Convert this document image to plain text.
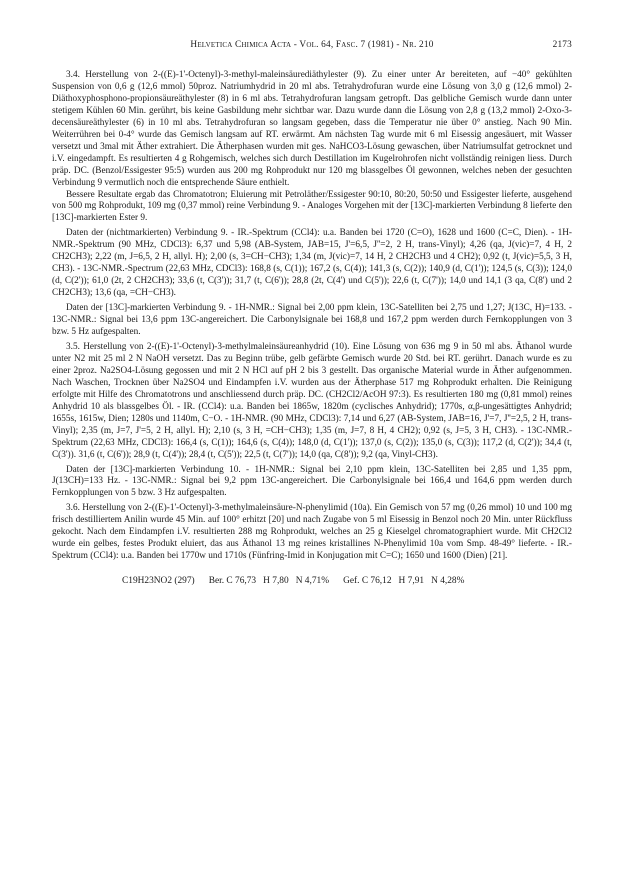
Helvetica Chimica Acta - Vol. 64, Fasc. 7 (1981) - Nr. 210	2173

3.4. Herstellung von 2-((E)-1'-Octenyl)-3-methyl-maleinsäurediäthylester (9). Zu einer unter Ar bereiteten, auf −40° gekühlten Suspension von 0,6 g (12,6 mmol) 50proz. Natriumhydrid in 20 ml abs. Tetrahydrofuran wurde eine Lösung von 3,0 g (12,6 mmol) 2-Diäthoxyphosphono-propionsäureäthylester (8) in 6 ml abs. Tetrahydrofuran langsam getropft. Das gelbliche Gemisch wurde dann unter stetigem Kühlen 60 Min. gerührt, bis keine Gasbildung mehr sichtbar war. Dazu wurde dann die Lösung von 2,8 g (13,2 mmol) 2-Oxo-3-decensäureäthylester (6) in 10 ml abs. Tetrahydrofuran so langsam gegeben, dass die Temperatur nie über 0° anstieg. Nach 90 Min. Weiterrühren bei 0-4° wurde das Gemisch langsam auf RT. erwärmt. Am nächsten Tag wurde mit 6 ml Eisessig angesäuert, mit Wasser versetzt und 3mal mit Äther extrahiert. Die Ätherphasen wurden mit ges. NaHCO3-Lösung gewaschen, über Natriumsulfat getrocknet und i.V. eingedampft. Es resultierten 4 g Rohgemisch, welches sich durch Destillation im Kugelrohrofen nicht vollständig reinigen liess. Durch präp. DC. (Benzol/Essigester 95:5) wurden aus 200 mg Rohprodukt nur 120 mg blassgelbes Öl gewonnen, welches neben der gesuchten Verbindung 9 vermutlich noch die entsprechende Säure enthielt.

Bessere Resultate ergab das Chromatotron; Eluierung mit Petroläther/Essigester 90:10, 80:20, 50:50 und Essigester lieferte, ausgehend von 500 mg Rohprodukt, 109 mg (0,37 mmol) reine Verbindung 9. - Analoges Vorgehen mit der [13C]-markierten Verbindung 8 lieferte den [13C]-markierten Ester 9.

Daten der (nichtmarkierten) Verbindung 9. - IR.-Spektrum (CCl4): u.a. Banden bei 1720 (C=O), 1628 und 1600 (C=C, Dien). - 1H-NMR.-Spektrum (90 MHz, CDCl3): 6,37 und 5,98 (AB-System, JAB=15, J'=6,5, J''=2, 2 H, trans-Vinyl); 4,26 (qa, J(vic)=7, 4 H, 2 CH2CH3); 2,22 (m, J=6,5, 2 H, allyl. H); 2,00 (s, 3=CH−CH3); 1,34 (m, J(vic)=7, 14 H, 2 CH2CH3 und 4 CH2); 0,92 (t, J(vic)=5,5, 3 H, CH3). - 13C-NMR.-Spectrum (22,63 MHz, CDCl3): 168,8 (s, C(1)); 167,2 (s, C(4)); 141,3 (s, C(2)); 140,9 (d, C(1')); 124,5 (s, C(3)); 124,0 (d, C(2')); 61,0 (2t, 2 CH2CH3); 33,6 (t, C(3')); 31,7 (t, C(6')); 28,8 (2t, C(4') und C(5')); 22,6 (t, C(7')); 14,0 und 14,1 (3 qa, C(8') und 2 CH2CH3); 13,6 (qa, =CH−CH3).

Daten der [13C]-markierten Verbindung 9. - 1H-NMR.: Signal bei 2,00 ppm klein, 13C-Satelliten bei 2,75 und 1,27; J(13C, H)=133. - 13C-NMR.: Signal bei 13,6 ppm 13C-angereichert. Die Carbonylsignale bei 168,8 und 167,2 ppm werden durch Fernkopplungen von 3 bzw. 5 Hz aufgespalten.

3.5. Herstellung von 2-((E)-1'-Octenyl)-3-methylmaleinsäureanhydrid (10). Eine Lösung von 636 mg 9 in 50 ml abs. Äthanol wurde unter N2 mit 25 ml 2 N NaOH versetzt. Das zu Beginn trübe, gelb gefärbte Gemisch wurde 20 Std. bei RT. gerührt. Danach wurde es zu einer 2proz. Na2SO4-Lösung gegossen und mit 2 N HCl auf pH 2 bis 3 gestellt. Das organische Material wurde in Äther aufgenommen. Nach Waschen, Trocknen über Na2SO4 und Eindampfen i.V. wurden aus der Ätherphase 517 mg Rohprodukt erhalten. Die Reinigung erfolgte mit Hilfe des Chromatotrons und anschliessend durch präp. DC. (CH2Cl2/AcOH 97:3). Es resultierten 180 mg (0,81 mmol) reines Anhydrid 10 als blassgelbes Öl. - IR. (CCl4): u.a. Banden bei 1865w, 1820m (cyclisches Anhydrid); 1770s, α,β-ungesättigtes Anhydrid; 1655s, 1615w, Dien; 1280s und 1140m, C−O. - 1H-NMR. (90 MHz, CDCl3): 7,14 und 6,27 (AB-System, JAB=16, J'=7, J''=2,5, 2 H, trans-Vinyl); 2,35 (m, J=7, J'=5, 2 H, allyl. H); 2,10 (s, 3 H, =CH−CH3); 1,35 (m, J=7, 8 H, 4 CH2); 0,92 (s, J=5, 3 H, CH3). - 13C-NMR.-Spektrum (22,63 MHz, CDCl3): 166,4 (s, C(1)); 164,6 (s, C(4)); 148,0 (d, C(1')); 137,0 (s, C(2)); 135,0 (s, C(3)); 117,2 (d, C(2')); 34,4 (t, C(3')). 31,6 (t, C(6')); 28,9 (t, C(4')); 28,4 (t, C(5')); 22,5 (t, C(7')); 14,0 (qa, C(8')); 9,2 (qa, Vinyl-CH3).

Daten der [13C]-markierten Verbindung 10. - 1H-NMR.: Signal bei 2,10 ppm klein, 13C-Satelliten bei 2,85 und 1,35 ppm, J(13CH)=133 Hz. - 13C-NMR.: Signal bei 9,2 ppm 13C-angereichert. Die Carbonylsignale bei 166,4 und 164,6 ppm werden durch Fernkopplungen von 5 bzw. 3 Hz aufgespalten.

3.6. Herstellung von 2-((E)-1'-Octenyl)-3-methylmaleinsäure-N-phenylimid (10a). Ein Gemisch von 57 mg (0,26 mmol) 10 und 100 mg frisch destilliertem Anilin wurde 45 Min. auf 100° erhitzt [20] und nach Zugabe von 5 ml Eisessig in Benzol noch 20 Min. unter Rückfluss gekocht. Nach dem Eindampfen i.V. resultierten 288 mg Rohprodukt, welches an 25 g Kieselgel chromatographiert wurde. Mit CH2Cl2 wurde ein gelbes, festes Produkt eluiert, das aus Äthanol 13 mg reines kristallines N-Phenylimid 10a vom Smp. 48-49° lieferte. - IR.-Spektrum (CCl4): u.a. Banden bei 1770w und 1710s (Fünfring-Imid in Konjugation mit C=C); 1650 und 1600 (Dien) [21].

C19H23NO2 (297)      Ber. C 76,73   H 7,80   N 4,71%      Gef. C 76,12   H 7,91   N 4,28%
